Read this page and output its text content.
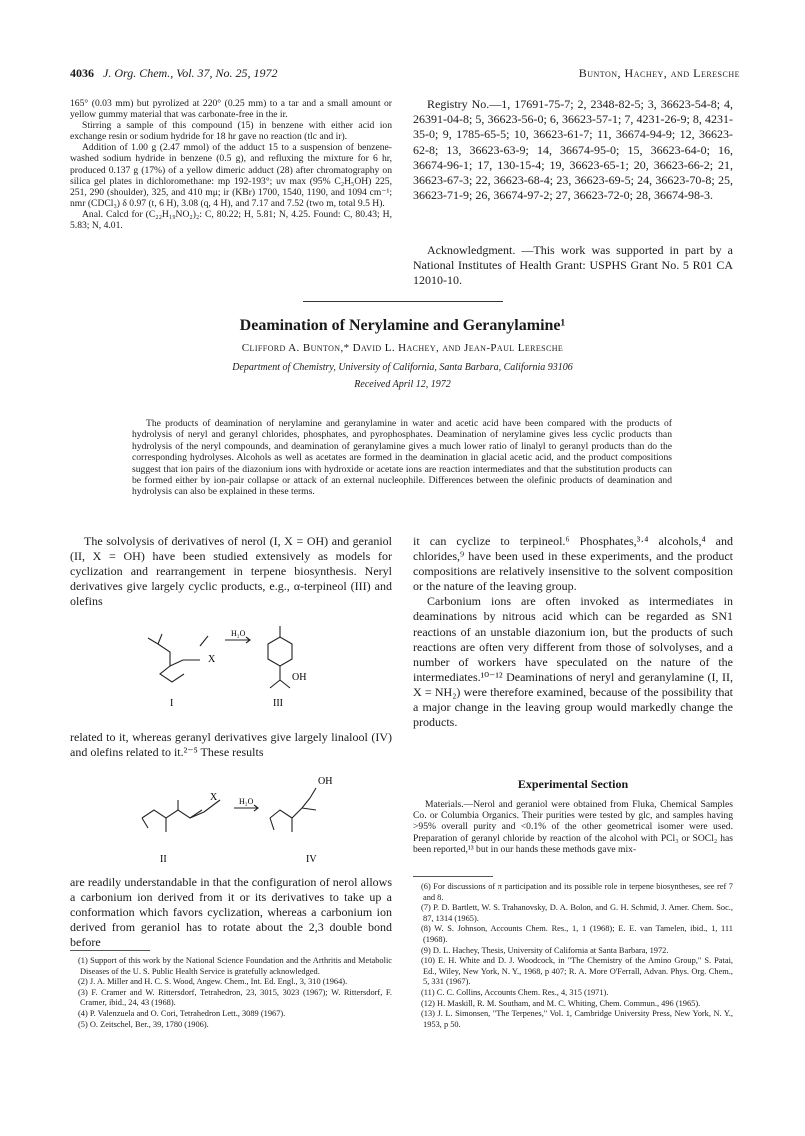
4036 J. Org. Chem., Vol. 37, No. 25, 1972	Bunton, Hachey, and Leresche

165° (0.03 mm) but pyrolized at 220° (0.25 mm) to a tar and a small amount or yellow gummy material that was carbonate-free in the ir.

Stirring a sample of this compound (15) in benzene with either acid ion exchange resin or sodium hydride for 18 hr gave no reaction (tlc and ir).

Addition of 1.00 g (2.47 mmol) of the adduct 15 to a suspension of benzene-washed sodium hydride in benzene (0.5 g), and refluxing the mixture for 6 hr, produced 0.137 g (17%) of a yellow dimeric adduct (28) after chromatography on silica gel plates in dichloromethane: mp 192-193°; uv max (95% C₂H₅OH) 225, 251, 290 (shoulder), 325, and 410 mμ; ir (KBr) 1700, 1540, 1190, and 1094 cm⁻¹; nmr (CDCl₃) δ 0.97 (t, 6 H), 3.08 (q, 4 H), and 7.17 and 7.52 (two m, total 9.5 H).

Anal. Calcd for (C₂₂H₁₉NO₂)₂: C, 80.22; H, 5.81; N, 4.25. Found: C, 80.43; H, 5.83; N, 4.01.

Registry No.—1, 17691-75-7; 2, 2348-82-5; 3, 36623-54-8; 4, 26391-04-8; 5, 36623-56-0; 6, 36623-57-1; 7, 4231-26-9; 8, 4231-35-0; 9, 1785-65-5; 10, 36623-61-7; 11, 36674-94-9; 12, 36623-62-8; 13, 36623-63-9; 14, 36674-95-0; 15, 36623-64-0; 16, 36674-96-1; 17, 130-15-4; 19, 36623-65-1; 20, 36623-66-2; 21, 36623-67-3; 22, 36623-68-4; 23, 36623-69-5; 24, 36623-70-8; 25, 36623-71-9; 26, 36674-97-2; 27, 36623-72-0; 28, 36674-98-3.
Acknowledgment. —This work was supported in part by a National Institutes of Health Grant: USPHS Grant No. 5 R01 CA 12010-10.
Deamination of Nerylamine and Geranylamine¹
Clifford A. Bunton,* David L. Hachey, and Jean-Paul Leresche
Department of Chemistry, University of California, Santa Barbara, California 93106
Received April 12, 1972
The products of deamination of nerylamine and geranylamine in water and acetic acid have been compared with the products of hydrolysis of neryl and geranyl chlorides, phosphates, and pyrophosphates. Deamination of nerylamine gives less cyclic products than hydrolysis of the neryl compounds, and deamination of geranylamine gives a much lower ratio of linalyl to geranyl products than do the corresponding hydrolyses. Alcohols as well as acetates are formed in the deamination in glacial acetic acid, and the product compositions suggest that ion pairs of the diazonium ions with hydroxide or acetate ions are reaction intermediates and that the substitution products can be formed either by ion-pair collapse or attack of an external nucleophile. Differences between the olefinic products of deamination and hydrolysis can also be explained in these terms.

The solvolysis of derivatives of nerol (I, X = OH) and geraniol (II, X = OH) have been studied extensively as models for cyclization and rearrangement in terpene biosynthesis. Neryl derivatives give largely cyclic products, e.g., α-terpineol (III) and olefins

X
H₂O
OH
I	III

related to it, whereas geranyl derivatives give largely linalool (IV) and olefins related to it.²⁻⁵ These results

X	H₂O
OH
II	IV

are readily understandable in that the configuration of nerol allows a carbonium ion derived from it or its derivatives to take up a conformation which favors cyclization, whereas a carbonium ion derived from geraniol has to rotate about the 2,3 double bond before

(1) Support of this work by the National Science Foundation and the Arthritis and Metabolic Diseases of the U. S. Public Health Service is gratefully acknowledged.

(2) J. A. Miller and H. C. S. Wood, Angew. Chem., Int. Ed. Engl., 3, 310 (1964).

(3) F. Cramer and W. Rittersdorf, Tetrahedron, 23, 3015, 3023 (1967); W. Rittersdorf, F. Cramer, ibid., 24, 43 (1968).

(4) P. Valenzuela and O. Cori, Tetrahedron Lett., 3089 (1967).

(5) O. Zeitschel, Ber., 39, 1780 (1906).

it can cyclize to terpineol.⁶ Phosphates,³·⁴ alcohols,⁴ and chlorides,⁹ have been used in these experiments, and the product compositions are relatively insensitive to the solvent composition or the nature of the leaving group.

Carbonium ions are often invoked as intermediates in deaminations by nitrous acid which can be regarded as SN1 reactions of an unstable diazonium ion, but the products of such reactions are often very different from those of solvolyses, and a number of workers have speculated on the nature of the intermediates.¹⁰⁻¹² Deaminations of neryl and geranylamine (I, II, X = NH₂) were therefore examined, because of the possibility that a major change in the leaving group would markedly change the products.

Experimental Section

Materials.—Nerol and geraniol were obtained from Fluka, Chemical Samples Co. or Columbia Organics. Their purities were tested by glc, and samples having >95% overall purity and <0.1% of the other geometrical isomer were used. Preparation of geranyl chloride by reaction of the alcohol with PCl₃ or SOCl₂ has been reported,¹³ but in our hands these methods gave mix-

(6) For discussions of π participation and its possible role in terpene biosyntheses, see ref 7 and 8.

(7) P. D. Bartlett, W. S. Trahanovsky, D. A. Bolon, and G. H. Schmid, J. Amer. Chem. Soc., 87, 1314 (1965).

(8) W. S. Johnson, Accounts Chem. Res., 1, 1 (1968); E. E. van Tamelen, ibid., 1, 111 (1968).

(9) D. L. Hachey, Thesis, University of California at Santa Barbara, 1972.

(10) E. H. White and D. J. Woodcock, in "The Chemistry of the Amino Group," S. Patai, Ed., Wiley, New York, N. Y., 1968, p 407; R. A. More O'Ferrall, Advan. Phys. Org. Chem., 5, 331 (1967).

(11) C. C. Collins, Accounts Chem. Res., 4, 315 (1971).

(12) H. Maskill, R. M. Southam, and M. C. Whiting, Chem. Commun., 496 (1965).

(13) J. L. Simonsen, "The Terpenes," Vol. 1, Cambridge University Press, New York, N. Y., 1953, p 50.
